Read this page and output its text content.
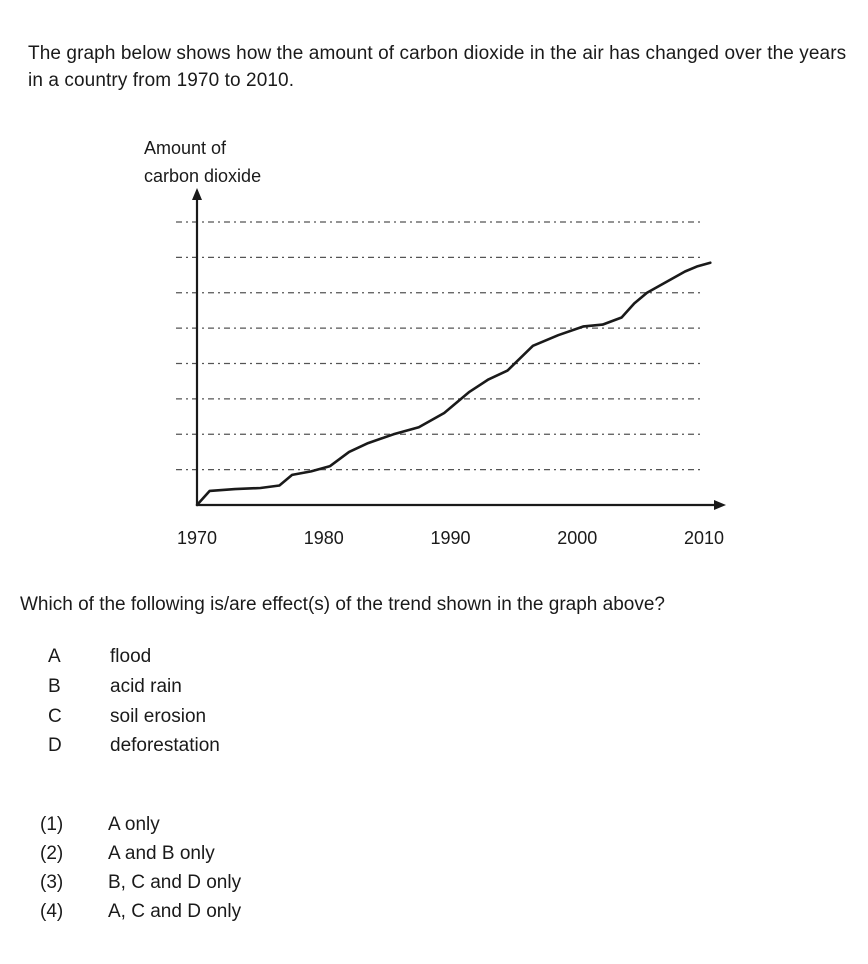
The graph below shows how the amount of carbon dioxide in the air has changed over the years in a country from 1970 to 2010.
Amount of
carbon dioxide
1970	1980	1990	2000	2010
Which of the following is/are effect(s) of the trend shown in the graph above?
A	flood
B	acid rain
C	soil erosion
D	deforestation
(1) A only
(2) A and B only
(3) B, C and D only
(4) A, C and D only
